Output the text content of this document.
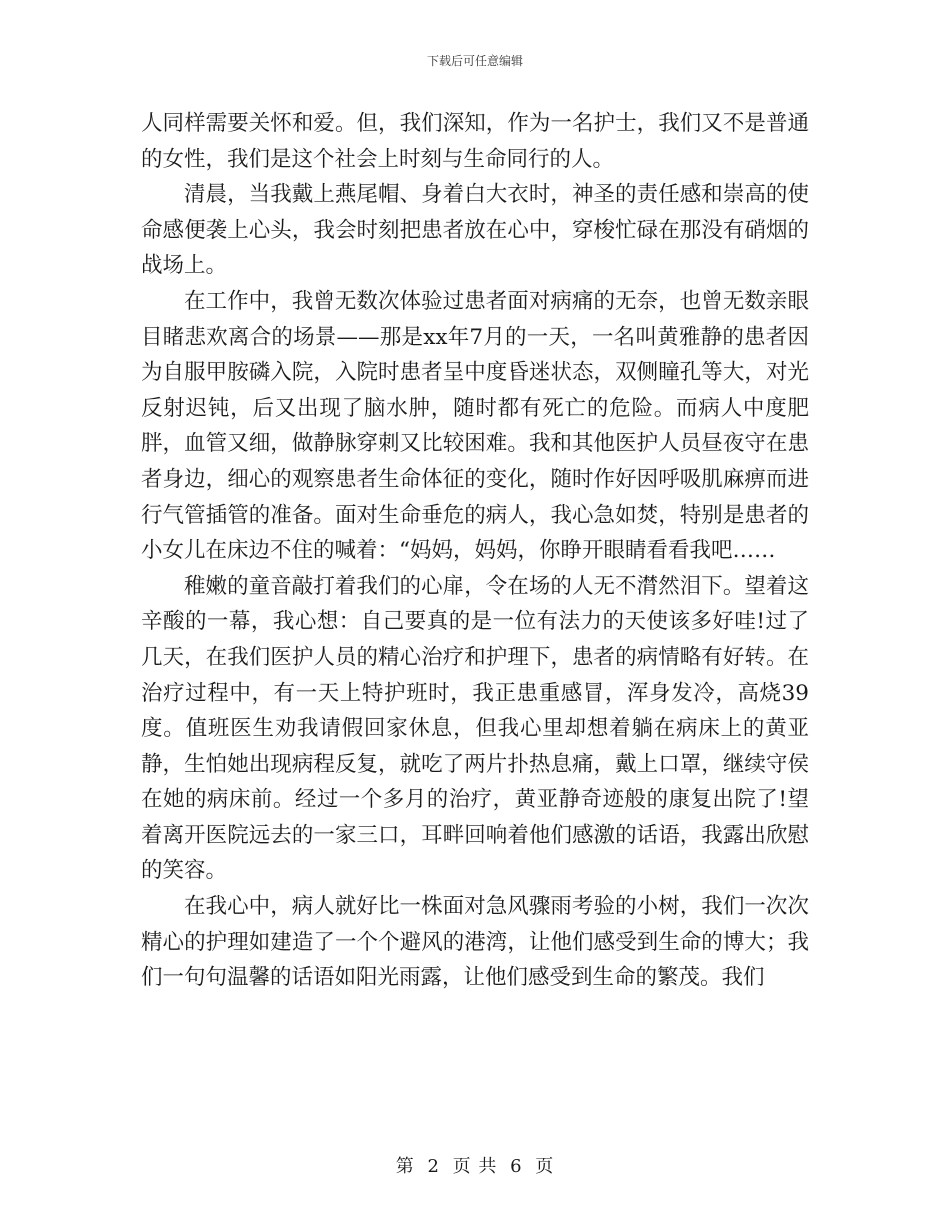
下载后可任意编辑

人同样需要关怀和爱。但，我们深知，作为一名护士，我们又不是普通的女性，我们是这个社会上时刻与生命同行的人。

清晨，当我戴上燕尾帽、身着白大衣时，神圣的责任感和崇高的使命感便袭上心头，我会时刻把患者放在心中，穿梭忙碌在那没有硝烟的战场上。

在工作中，我曾无数次体验过患者面对病痛的无奈，也曾无数亲眼目睹悲欢离合的场景——那是xx年7月的一天，一名叫黄雅静的患者因为自服甲胺磷入院，入院时患者呈中度昏迷状态，双侧瞳孔等大，对光反射迟钝，后又出现了脑水肿，随时都有死亡的危险。而病人中度肥胖，血管又细，做静脉穿刺又比较困难。我和其他医护人员昼夜守在患者身边，细心的观察患者生命体征的变化，随时作好因呼吸肌麻痹而进行气管插管的准备。面对生命垂危的病人，我心急如焚，特别是患者的小女儿在床边不住的喊着：“妈妈，妈妈，你睁开眼睛看看我吧……

稚嫩的童音敲打着我们的心扉，令在场的人无不潸然泪下。望着这辛酸的一幕，我心想：自己要真的是一位有法力的天使该多好哇!过了几天，在我们医护人员的精心治疗和护理下，患者的病情略有好转。在治疗过程中，有一天上特护班时，我正患重感冒，浑身发冷，高烧39度。值班医生劝我请假回家休息，但我心里却想着躺在病床上的黄亚静，生怕她出现病程反复，就吃了两片扑热息痛，戴上口罩，继续守侯在她的病床前。经过一个多月的治疗，黄亚静奇迹般的康复出院了!望着离开医院远去的一家三口，耳畔回响着他们感激的话语，我露出欣慰的笑容。

在我心中，病人就好比一株面对急风骤雨考验的小树，我们一次次精心的护理如建造了一个个避风的港湾，让他们感受到生命的博大；我们一句句温馨的话语如阳光雨露，让他们感受到生命的繁茂。我们

第 2 页 共 6 页
